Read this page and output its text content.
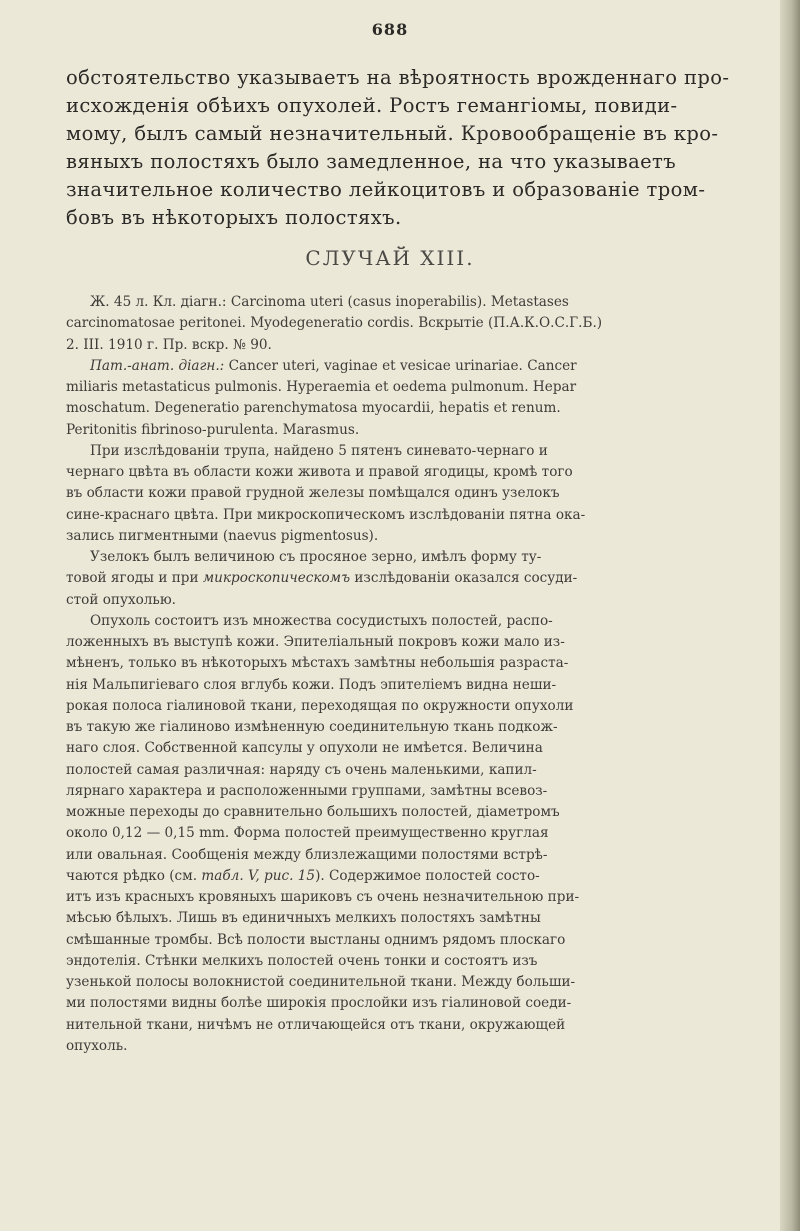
688
обстоятельство указываетъ на вѣроятность врожденнаго про-
исхожденія обѣихъ опухолей. Ростъ гемангіомы, повиди-
мому, былъ самый незначительный. Кровообращеніе въ кро-
вяныхъ полостяхъ было замедленное, на что указываетъ
значительное количество лейкоцитовъ и образованіе тром-
бовъ въ нѣкоторыхъ полостяхъ.
СЛУЧАЙ XIII.
Ж. 45 л. Кл. діагн.: Carcinoma uteri (casus inoperabilis). Metastases
carcinomatosae peritonei. Myodegeneratio cordis. Вскрытіе (П.А.К.О.С.Г.Б.)
2. III. 1910 г. Пр. вскр. № 90.
Пат.-анат. діагн.: Cancer uteri, vaginae et vesicae urinariae. Cancer
miliaris metastaticus pulmonis. Hyperaemia et oedema pulmonum. Hepar
moschatum. Degeneratio parenchymatosa myocardii, hepatis et renum.
Peritonitis fibrinoso-purulenta. Marasmus.
При изслѣдованіи трупа, найдено 5 пятенъ синевато-чернаго и
чернаго цвѣта въ области кожи живота и правой ягодицы, кромѣ того
въ области кожи правой грудной железы помѣщался одинъ узелокъ
сине-краснаго цвѣта. При микроскопическомъ изслѣдованіи пятна ока-
зались пигментными (naevus pigmentosus).
Узелокъ былъ величиною съ просяное зерно, имѣлъ форму ту-
товой ягоды и при микроскопическомъ изслѣдованіи оказался сосуди-
стой опухолью.
Опухоль состоитъ изъ множества сосудистыхъ полостей, распо-
ложенныхъ въ выступѣ кожи. Эпителіальный покровъ кожи мало из-
мѣненъ, только въ нѣкоторыхъ мѣстахъ замѣтны небольшія разраста-
нія Мальпигіеваго слоя вглубь кожи. Подъ эпителіемъ видна неши-
рокая полоса гіалиновой ткани, переходящая по окружности опухоли
въ такую же гіалиново измѣненную соединительную ткань подкож-
наго слоя. Собственной капсулы у опухоли не имѣется. Величина
полостей самая различная: наряду съ очень маленькими, капил-
лярнаго характера и расположенными группами, замѣтны всевоз-
можные переходы до сравнительно большихъ полостей, діаметромъ
около 0,12 — 0,15 mm. Форма полостей преимущественно круглая
или овальная. Сообщенія между близлежащими полостями встрѣ-
чаются рѣдко (см. табл. V, рис. 15). Содержимое полостей состо-
итъ изъ красныхъ кровяныхъ шариковъ съ очень незначительною при-
мѣсью бѣлыхъ. Лишь въ единичныхъ мелкихъ полостяхъ замѣтны
смѣшанные тромбы. Всѣ полости выстланы однимъ рядомъ плоскаго
эндотелія. Стѣнки мелкихъ полостей очень тонки и состоятъ изъ
узенькой полосы волокнистой соединительной ткани. Между больши-
ми полостями видны болѣе широкія прослойки изъ гіалиновой соеди-
нительной ткани, ничѣмъ не отличающейся отъ ткани, окружающей
опухоль.
